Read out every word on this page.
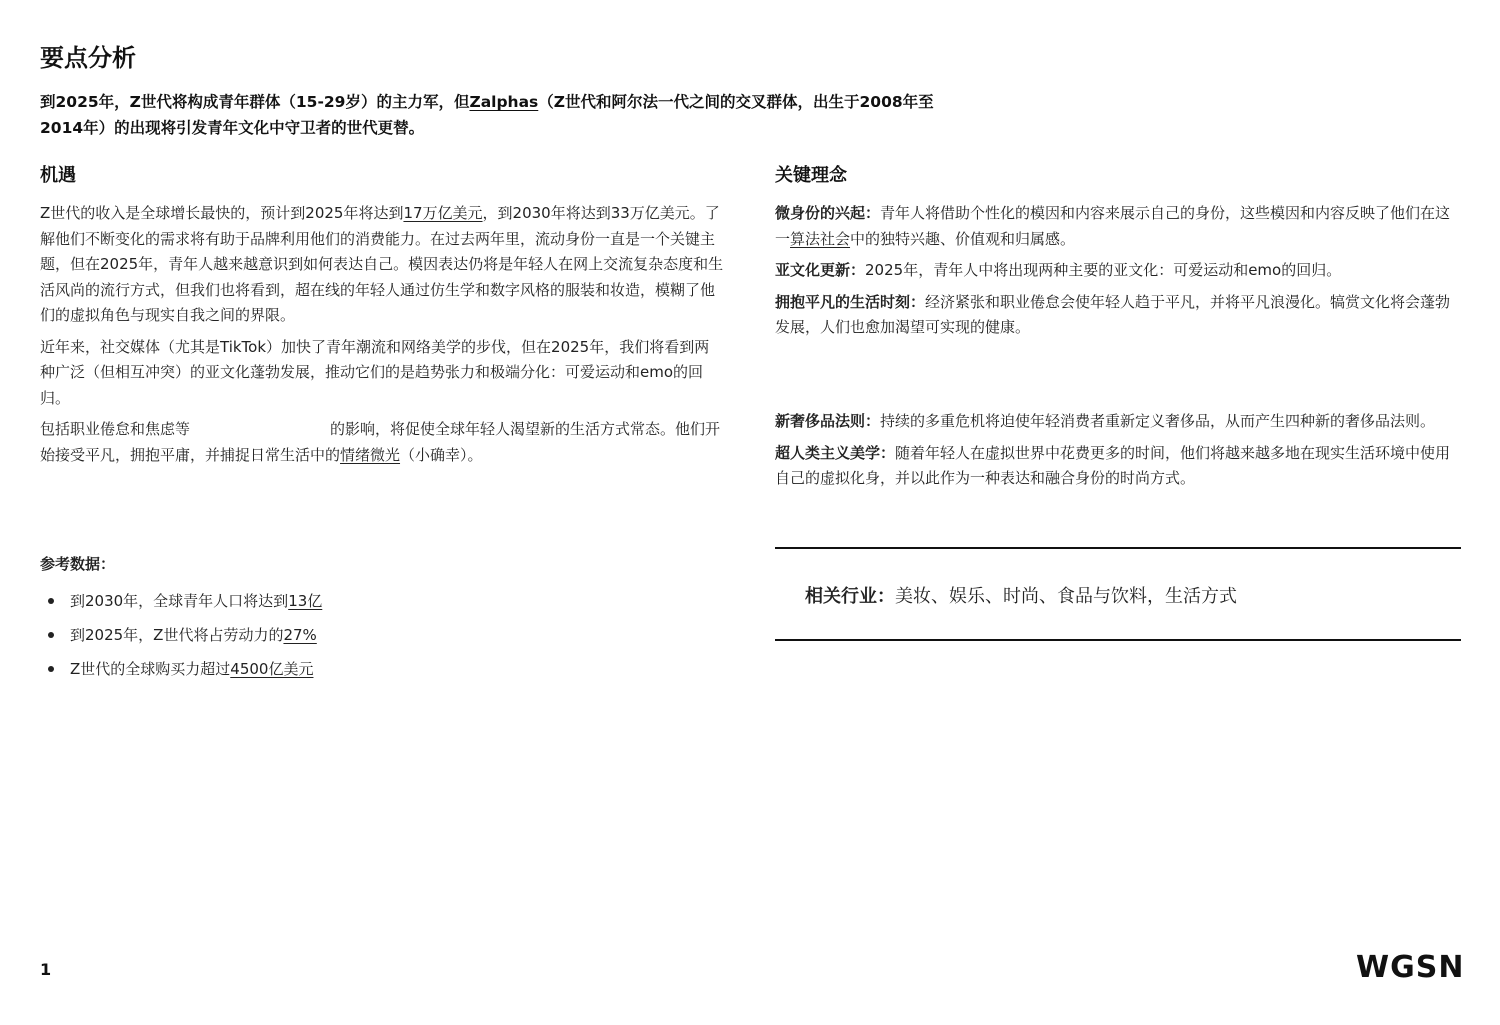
要点分析

到2025年，Z世代将构成青年群体（15-29岁）的主力军，但Zalphas（Z世代和阿尔法一代之间的交叉群体，出生于2008年至2014年）的出现将引发青年文化中守卫者的世代更替。

机遇

Z世代的收入是全球增长最快的，预计到2025年将达到17万亿美元，到2030年将达到33万亿美元。了解他们不断变化的需求将有助于品牌利用他们的消费能力。在过去两年里，流动身份一直是一个关键主题，但在2025年，青年人越来越意识到如何表达自己。模因表达仍将是年轻人在网上交流复杂态度和生活风尚的流行方式，但我们也将看到，超在线的年轻人通过仿生学和数字风格的服装和妆造，模糊了他们的虚拟角色与现实自我之间的界限。

近年来，社交媒体（尤其是TikTok）加快了青年潮流和网络美学的步伐，但在2025年，我们将看到两种广泛（但相互冲突）的亚文化蓬勃发展，推动它们的是趋势张力和极端分化：可爱运动和emo的回归。

包括职业倦怠和焦虑等	的影响，将促使全球年轻人渴望新的生活方式常态。他们开始接受平凡，拥抱平庸，并捕捉日常生活中的情绪微光（小确幸）。

参考数据：

到2030年，全球青年人口将达到13亿
到2025年，Z世代将占劳动力的27%
Z世代的全球购买力超过4500亿美元
关键理念

微身份的兴起：青年人将借助个性化的模因和内容来展示自己的身份，这些模因和内容反映了他们在这一算法社会中的独特兴趣、价值观和归属感。

亚文化更新：2025年，青年人中将出现两种主要的亚文化：可爱运动和emo的回归。

拥抱平凡的生活时刻：经济紧张和职业倦怠会使年轻人趋于平凡，并将平凡浪漫化。犒赏文化将会蓬勃发展，人们也愈加渴望可实现的健康。

新奢侈品法则：持续的多重危机将迫使年轻消费者重新定义奢侈品，从而产生四种新的奢侈品法则。

超人类主义美学：随着年轻人在虚拟世界中花费更多的时间，他们将越来越多地在现实生活环境中使用自己的虚拟化身，并以此作为一种表达和融合身份的时尚方式。

相关行业：美妆、娱乐、时尚、食品与饮料，生活方式

1	WGSN
